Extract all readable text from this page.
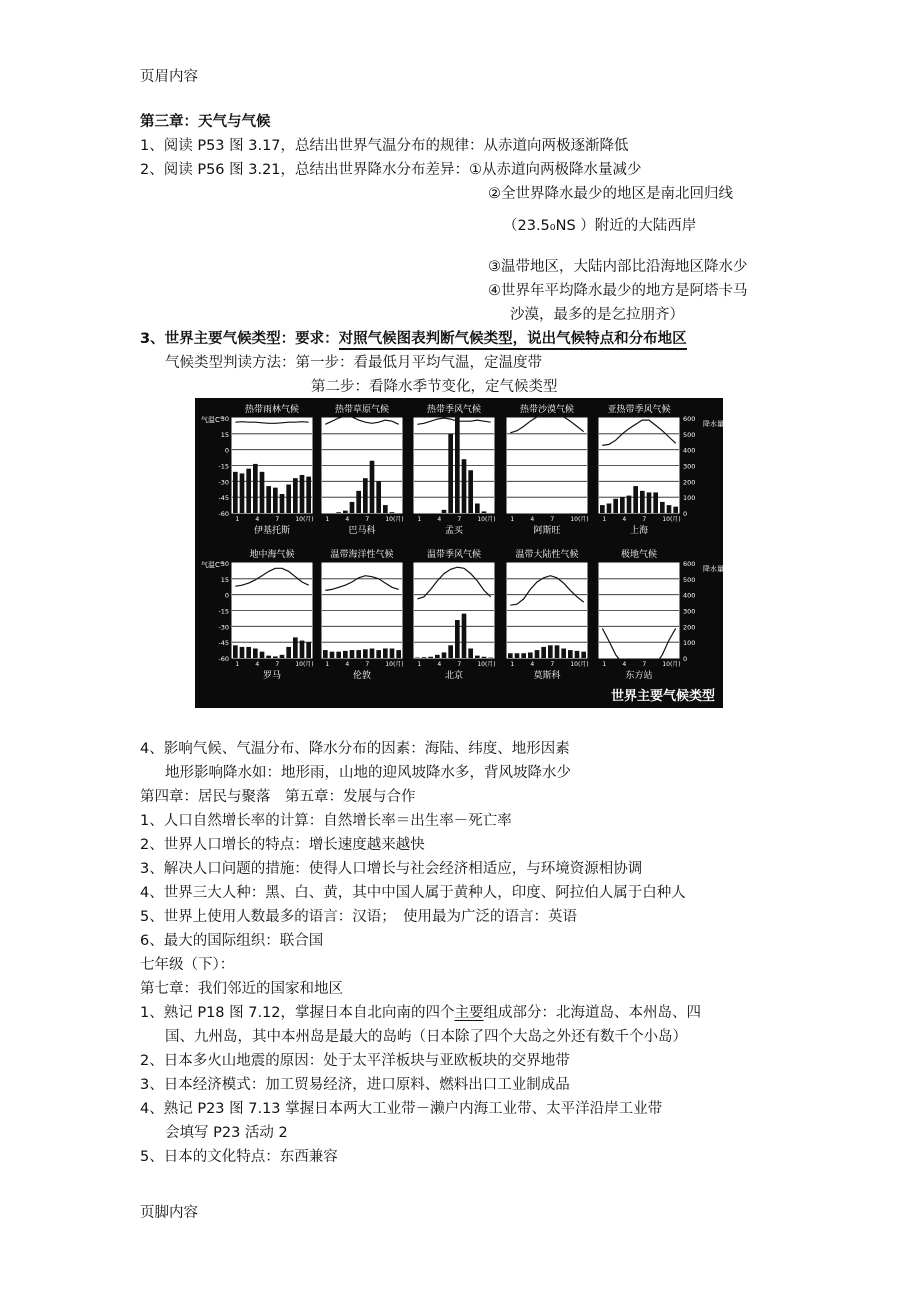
页眉内容
第三章：天气与气候
1、阅读 P53 图 3.17，总结出世界气温分布的规律：从赤道向两极逐渐降低
2、阅读 P56 图 3.21，总结出世界降水分布差异：①从赤道向两极降水量减少
②全世界降水最少的地区是南北回归线
（23.5₀NS ）附近的大陆西岸
③温带地区，大陆内部比沿海地区降水少
④世界年平均降水最少的地方是阿塔卡马
沙漠，最多的是乞拉朋齐）
3、世界主要气候类型：要求：对照气候图表判断气候类型，说出气候特点和分布地区
气候类型判读方法：第一步：看最低月平均气温，定温度带
第二步：看降水季节变化，定气候类型
热带雨林气候
1	4	7	10(月)
伊基托斯
热带草原气候
1	4	7	10(月)
巴马科
热带季风气候
1	4	7	10(月)
孟买
热带沙漠气候
1	4	7	10(月)
阿斯旺
亚热带季风气候
1	4	7	10(月)
上海
地中海气候
1	4	7	10(月)
罗马
温带海洋性气候
1	4	7	10(月)
伦敦
温带季风气候
1	4	7	10(月)
北京
温带大陆性气候
1	4	7	10(月)
莫斯科
极地气候
1	4	7	10(月)
东方站
气温C°
30
15
0
-15
-30
-45
-60
600
500
400
300
200
100
0
降水量mm
气温C°
30
15
0
-15
-30
-45
-60
600
500
400
300
200
100
0
降水量mm
世界主要气候类型
4、影响气候、气温分布、降水分布的因素：海陆、纬度、地形因素
地形影响降水如：地形雨，山地的迎风坡降水多，背风坡降水少
第四章：居民与聚落　第五章：发展与合作
1、人口自然增长率的计算：自然增长率＝出生率－死亡率
2、世界人口增长的特点：增长速度越来越快
3、解决人口问题的措施：使得人口增长与社会经济相适应，与环境资源相协调
4、世界三大人种：黑、白、黄，其中中国人属于黄种人，印度、阿拉伯人属于白种人
5、世界上使用人数最多的语言：汉语；　使用最为广泛的语言：英语
6、最大的国际组织：联合国
七年级（下）：
第七章：我们邻近的国家和地区
1、熟记 P18 图 7.12，掌握日本自北向南的四个主要组成部分：北海道岛、本州岛、四
国、九州岛，其中本州岛是最大的岛屿（日本除了四个大岛之外还有数千个小岛）
2、日本多火山地震的原因：处于太平洋板块与亚欧板块的交界地带
3、日本经济模式：加工贸易经济，进口原料、燃料出口工业制成品
4、熟记 P23 图 7.13 掌握日本两大工业带－濑户内海工业带、太平洋沿岸工业带
会填写 P23 活动 2
5、日本的文化特点：东西兼容
页脚内容
